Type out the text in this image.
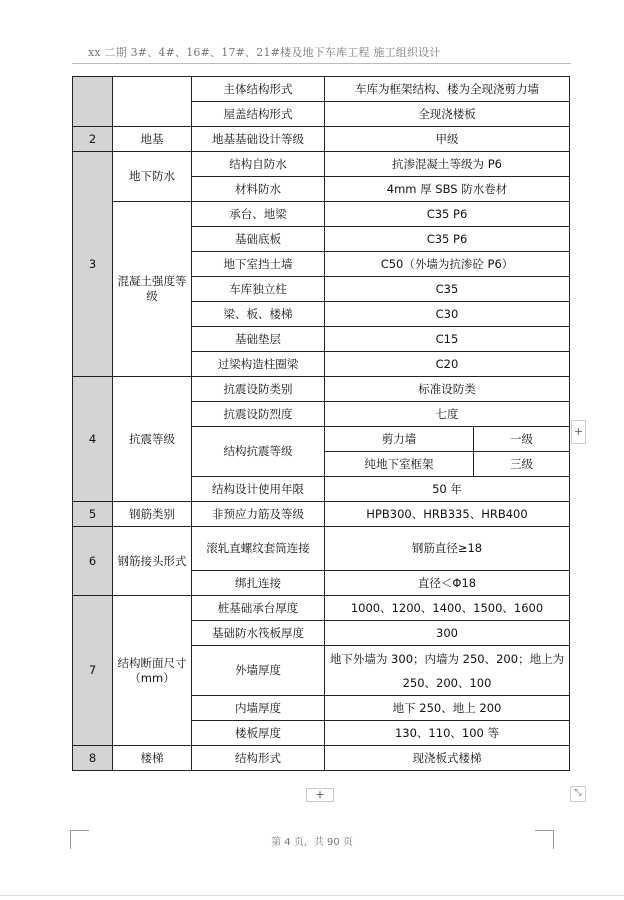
xx 二期 3#、4#、16#、17#、21#楼及地下车库工程 施工组织设计
		主体结构形式	车库为框架结构、楼为全现浇剪力墙	
		屋盖结构形式	全现浇楼板	
2	地基	地基基础设计等级	甲级	
3	地下防水	结构自防水	抗渗混凝土等级为 P6	
		材料防水	4mm 厚 SBS 防水卷材	
	混凝土强度等级	承台、地梁	C35 P6	
		基础底板	C35 P6	
		地下室挡土墙	C50（外墙为抗渗砼 P6）	
		车库独立柱	C35	
		梁、板、楼梯	C30	
		基础垫层	C15	
		过梁构造柱圈梁	C20	
4	抗震等级	抗震设防类别	标准设防类	
		抗震设防烈度	七度	
		结构抗震等级	剪力墙	一级
			纯地下室框架	三级
		结构设计使用年限	50 年	
5	钢筋类别	非预应力筋及等级	HPB300、HRB335、HRB400	
6	钢筋接头形式	滚轧直螺纹套筒连接	钢筋直径≥18	
		绑扎连接	直径＜Φ18	
7	结构断面尺寸（mm）	桩基础承台厚度	1000、1200、1400、1500、1600	
		基础防水筏板厚度	300	
		外墙厚度	地下外墙为 300；内墙为 250、200；地上为 250、200、100	
		内墙厚度	地下 250、地上 200	
		楼板厚度	130、110、100 等	
8	楼梯	结构形式	现浇板式楼梯	
+
+	⤡
第 4 页，共 90 页
